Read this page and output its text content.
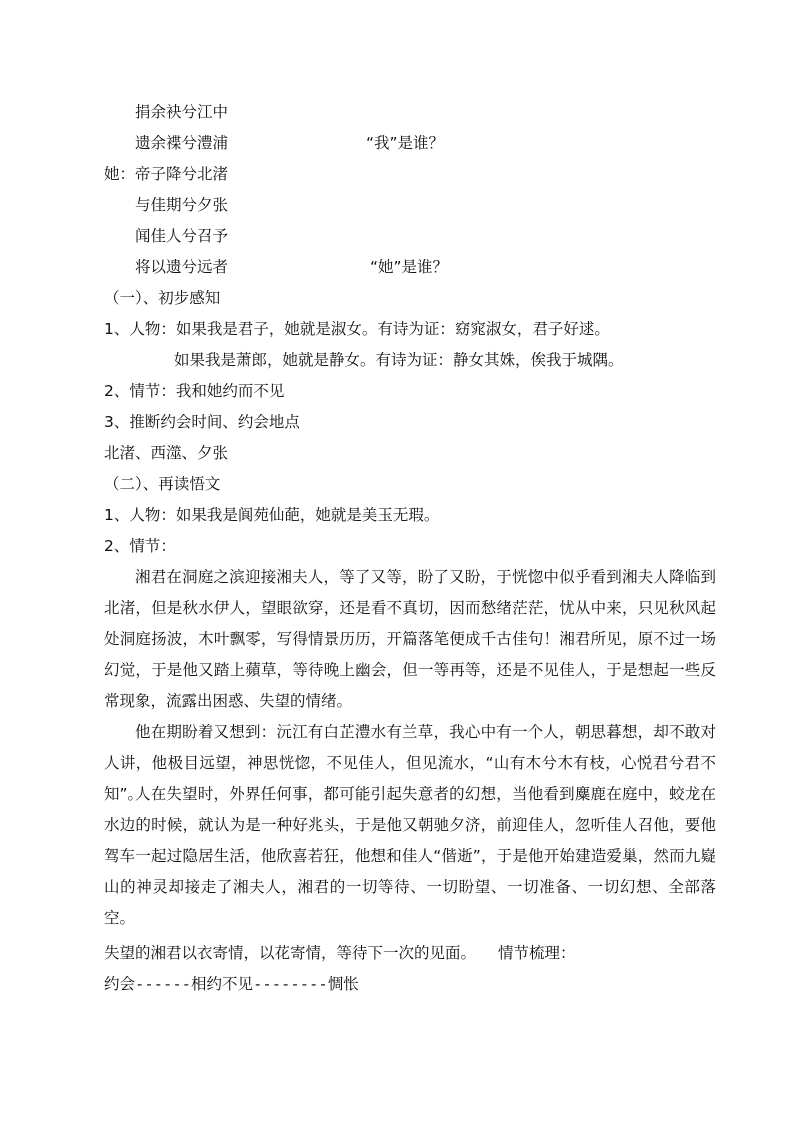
捐余袂兮江中
遗余褋兮澧浦	“我”是谁？
她： 帝子降兮北渚
与佳期兮夕张
闻佳人兮召予
将以遗兮远者	“她”是谁？
（一）、初步感知
1、人物：如果我是君子，她就是淑女。有诗为证：窈窕淑女，君子好逑。
如果我是萧郎，她就是静女。有诗为证：静女其姝，俟我于城隅。
2、情节：我和她约而不见
3、推断约会时间、约会地点
北渚、西澨、夕张
（二）、再读悟文
1、人物：如果我是阆苑仙葩，她就是美玉无瑕。
2、情节：
湘君在洞庭之滨迎接湘夫人，等了又等，盼了又盼，于恍惚中似乎看到湘夫人降临到北渚，但是秋水伊人，望眼欲穿，还是看不真切，因而愁绪茫茫，忧从中来，只见秋风起处洞庭扬波，木叶飘零，写得情景历历，开篇落笔便成千古佳句！湘君所见，原不过一场幻觉，于是他又踏上蘋草，等待晚上幽会，但一等再等，还是不见佳人，于是想起一些反常现象，流露出困惑、失望的情绪。
他在期盼着又想到：沅江有白芷澧水有兰草，我心中有一个人，朝思暮想，却不敢对人讲，他极目远望，神思恍惚，不见佳人，但见流水，“山有木兮木有枝，心悦君兮君不知”。
人在失望时，外界任何事，都可能引起失意者的幻想，当他看到麋鹿在庭中，蛟龙在水边的时候，就认为是一种好兆头，于是他又朝驰夕济，前迎佳人，忽听佳人召他，要他驾车一起过隐居生活，他欣喜若狂，他想和佳人“偕逝”，于是他开始建造爱巢，然而九嶷山的神灵却接走了湘夫人，湘君的一切等待、一切盼望、一切准备、一切幻想、全部落空。
失望的湘君以衣寄情，以花寄情，等待下一次的见面。 情节梳理：
约会------相约不见--------惆怅
